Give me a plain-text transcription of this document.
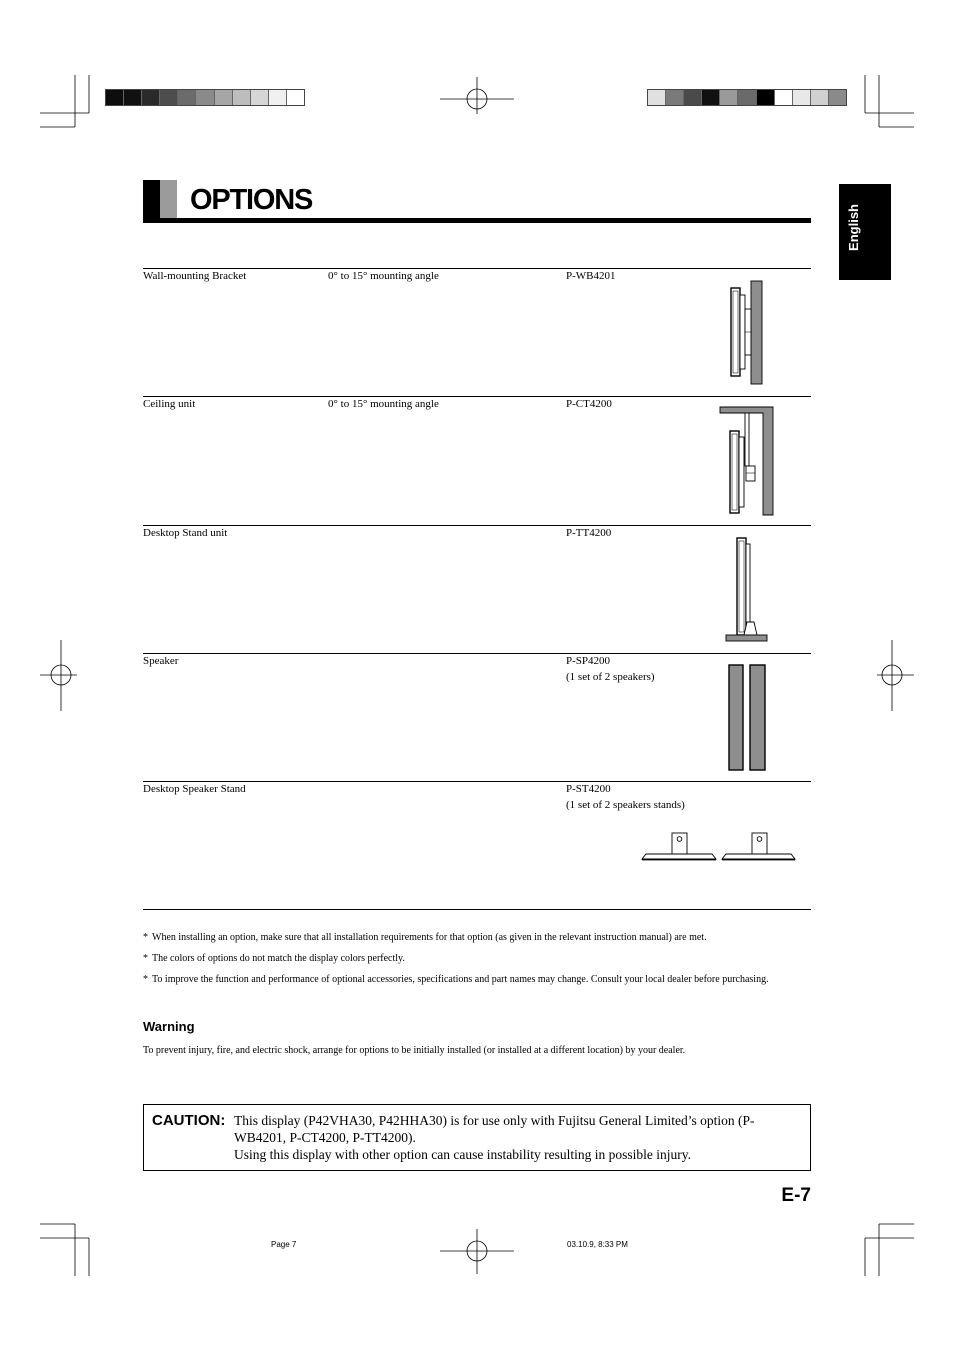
English
OPTIONS
Wall-mounting Bracket	0° to 15° mounting angle	P-WB4201
Ceiling unit	0° to 15° mounting angle	P-CT4200
Desktop Stand unit	P-TT4200
Speaker	P-SP4200
(1 set of 2 speakers)
Desktop Speaker Stand	P-ST4200
(1 set of 2 speakers stands)
* When installing an option, make sure that all installation requirements for that option (as given in the relevant instruction manual) are met.
* The colors of options do not match the display colors perfectly.
* To improve the function and performance of optional accessories, specifications and part names may change. Consult your local dealer before purchasing.
Warning
To prevent injury, fire, and electric shock, arrange for options to be initially installed (or installed at a different location) by your dealer.
CAUTION: This display (P42VHA30, P42HHA30) is for use only with Fujitsu General Limited’s option (P-WB4201, P-CT4200, P-TT4200).
Using this display with other option can cause instability resulting in possible injury.
E-7
Page 7	03.10.9, 8:33 PM
